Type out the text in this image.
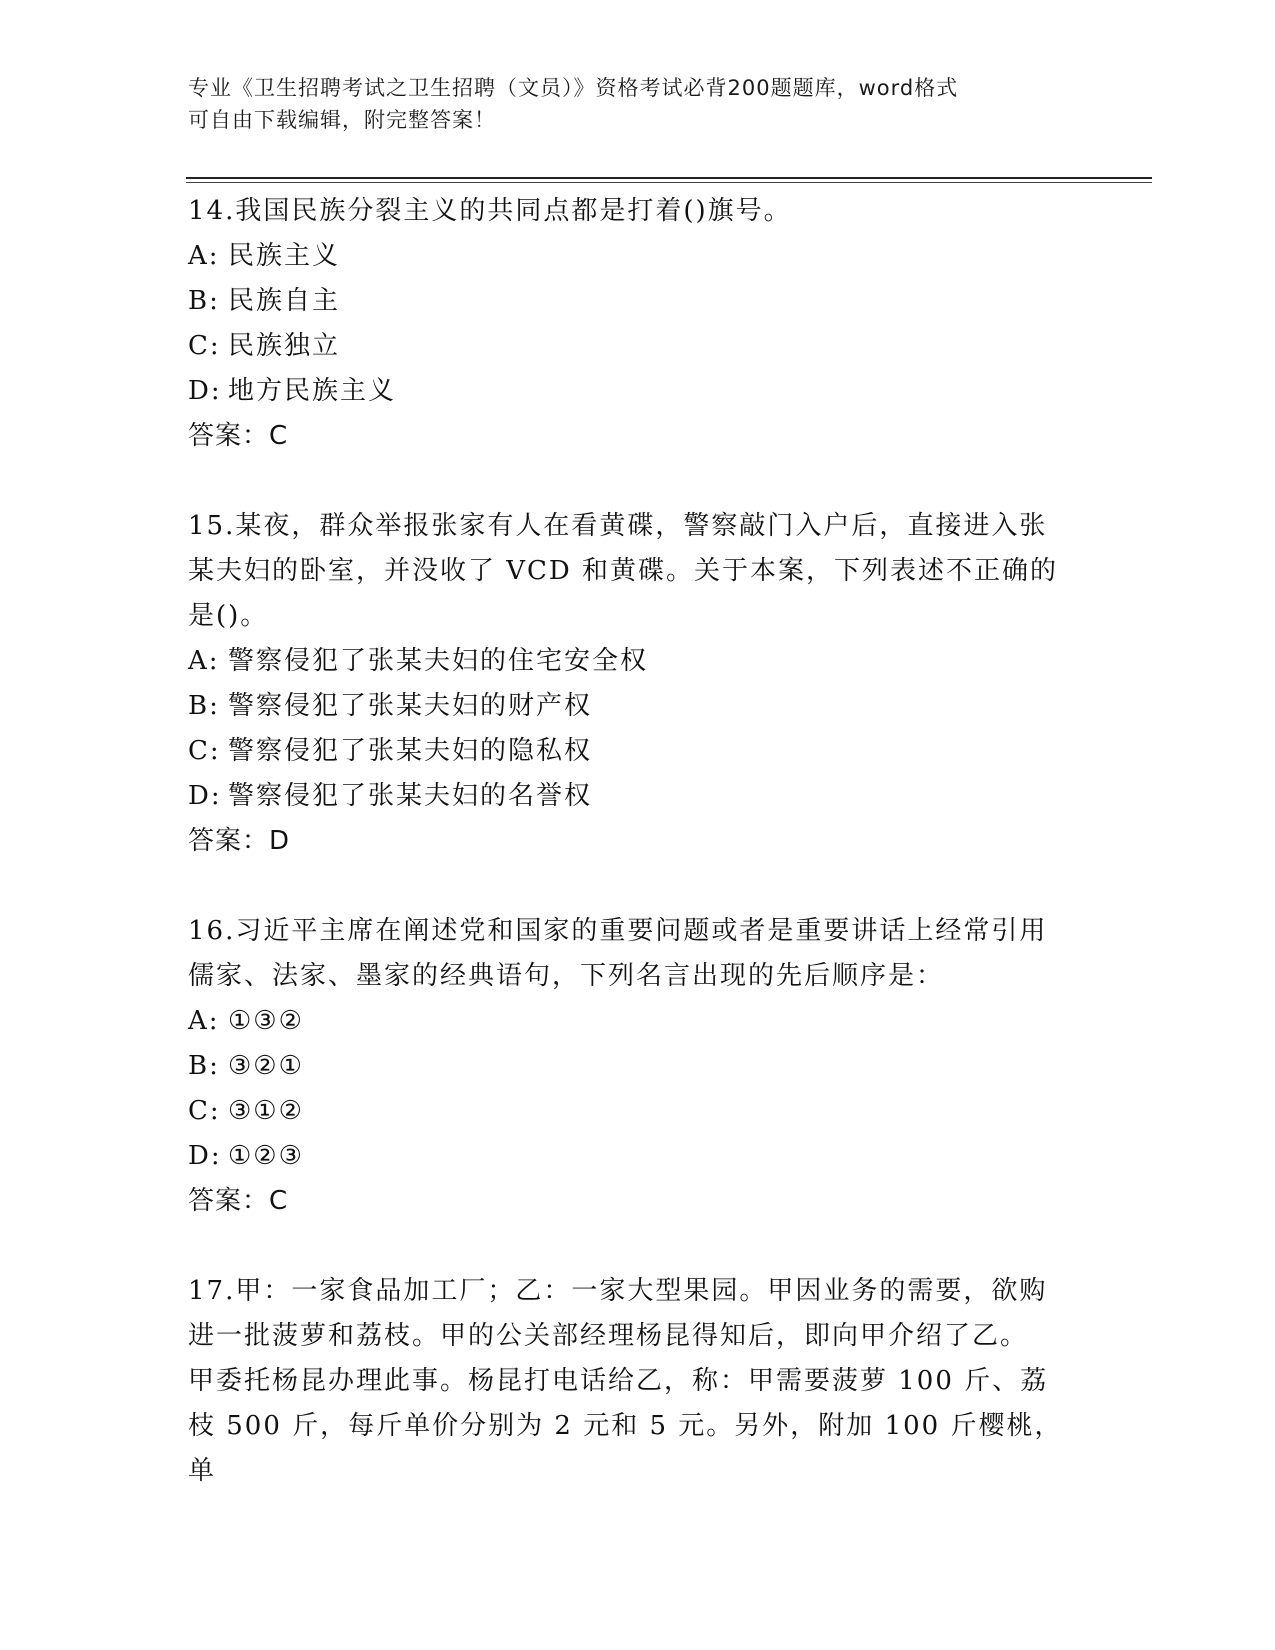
专业《卫生招聘考试之卫生招聘（文员）》资格考试必背200题题库，word格式
可自由下载编辑，附完整答案！
14.我国民族分裂主义的共同点都是打着()旗号。
A: 民族主义
B: 民族自主
C: 民族独立
D: 地方民族主义
答案：C
15.某夜，群众举报张家有人在看黄碟，警察敲门入户后，直接进入张
某夫妇的卧室，并没收了 VCD 和黄碟。关于本案，下列表述不正确的
是()。
A: 警察侵犯了张某夫妇的住宅安全权
B: 警察侵犯了张某夫妇的财产权
C: 警察侵犯了张某夫妇的隐私权
D: 警察侵犯了张某夫妇的名誉权
答案：D
16.习近平主席在阐述党和国家的重要问题或者是重要讲话上经常引用
儒家、法家、墨家的经典语句，下列名言出现的先后顺序是：
A: ①③②
B: ③②①
C: ③①②
D: ①②③
答案：C
17.甲：一家食品加工厂；乙：一家大型果园。甲因业务的需要，欲购
进一批菠萝和荔枝。甲的公关部经理杨昆得知后，即向甲介绍了乙。
甲委托杨昆办理此事。杨昆打电话给乙，称：甲需要菠萝 100 斤、荔
枝 500 斤，每斤单价分别为 2 元和 5 元。另外，附加 100 斤樱桃，单
